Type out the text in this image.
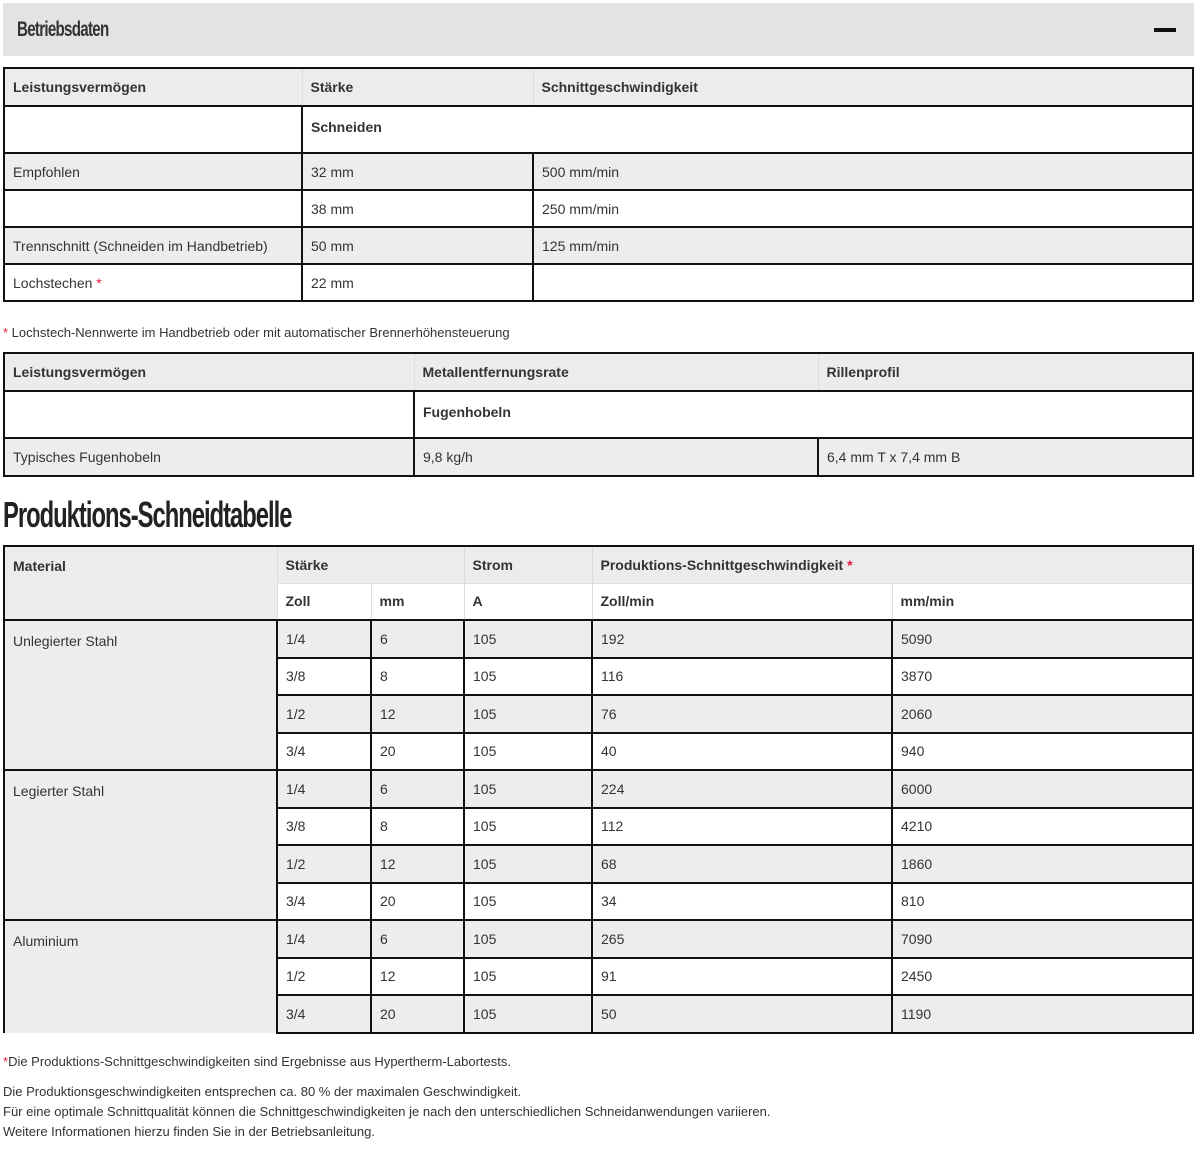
Betriebsdaten
Leistungsvermögen	Stärke	Schnittgeschwindigkeit
	Schneiden	
Empfohlen	32 mm	500 mm/min
	38 mm	250 mm/min
Trennschnitt (Schneiden im Handbetrieb)	50 mm	125 mm/min
Lochstechen *	22 mm	
* Lochstech-Nennwerte im Handbetrieb oder mit automatischer Brennerhöhensteuerung
Leistungsvermögen	Metallentfernungsrate	Rillenprofil
	Fugenhobeln	
Typisches Fugenhobeln	9,8 kg/h	6,4 mm T x 7,4 mm B
Produktions-Schneidtabelle
Material	Stärke		Strom	Produktions-Schnittgeschwindigkeit *	
	Zoll	mm	A	Zoll/min	mm/min
Unlegierter Stahl	1/4	6	105	192	5090
	3/8	8	105	116	3870
	1/2	12	105	76	2060
	3/4	20	105	40	940
Legierter Stahl	1/4	6	105	224	6000
	3/8	8	105	112	4210
	1/2	12	105	68	1860
	3/4	20	105	34	810
Aluminium	1/4	6	105	265	7090
	1/2	12	105	91	2450
	3/4	20	105	50	1190
*Die Produktions-Schnittgeschwindigkeiten sind Ergebnisse aus Hypertherm-Labortests.
Die Produktionsgeschwindigkeiten entsprechen ca. 80 % der maximalen Geschwindigkeit.
Für eine optimale Schnittqualität können die Schnittgeschwindigkeiten je nach den unterschiedlichen Schneidanwendungen variieren.
Weitere Informationen hierzu finden Sie in der Betriebsanleitung.
